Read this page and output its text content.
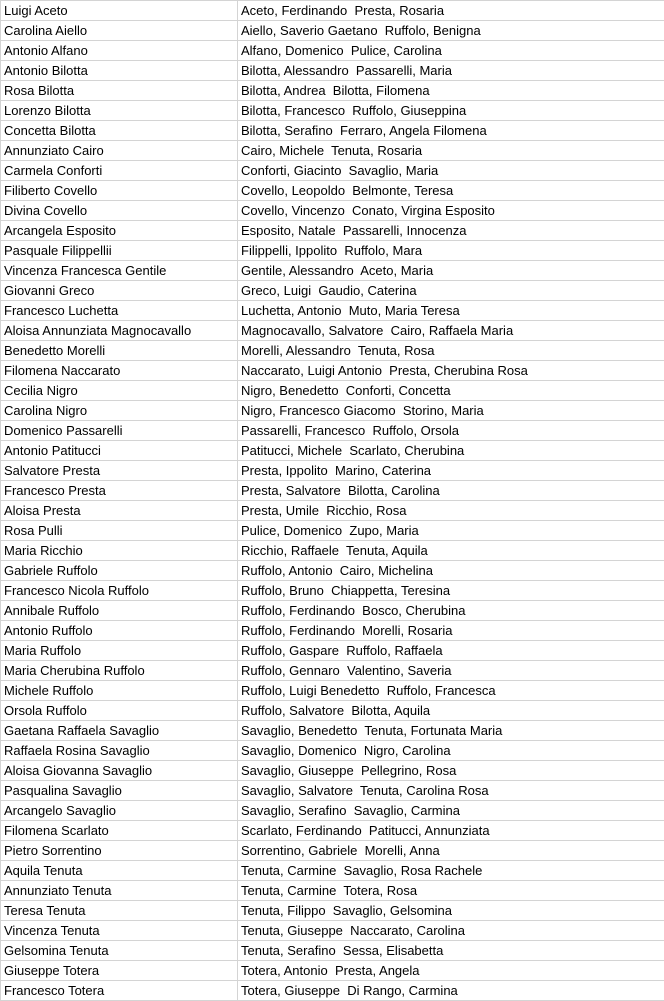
Luigi Aceto	Aceto, Ferdinando  Presta, Rosaria
Carolina Aiello	Aiello, Saverio Gaetano  Ruffolo, Benigna
Antonio Alfano	Alfano, Domenico  Pulice, Carolina
Antonio Bilotta	Bilotta, Alessandro  Passarelli, Maria
Rosa Bilotta	Bilotta, Andrea  Bilotta, Filomena
Lorenzo Bilotta	Bilotta, Francesco  Ruffolo, Giuseppina
Concetta Bilotta	Bilotta, Serafino  Ferraro, Angela Filomena
Annunziato Cairo	Cairo, Michele  Tenuta, Rosaria
Carmela Conforti	Conforti, Giacinto  Savaglio, Maria
Filiberto Covello	Covello, Leopoldo  Belmonte, Teresa
Divina Covello	Covello, Vincenzo  Conato, Virgina Esposito
Arcangela Esposito	Esposito, Natale  Passarelli, Innocenza
Pasquale Filippellii	Filippelli, Ippolito  Ruffolo, Mara
Vincenza Francesca Gentile	Gentile, Alessandro  Aceto, Maria
Giovanni Greco	Greco, Luigi  Gaudio, Caterina
Francesco Luchetta	Luchetta, Antonio  Muto, Maria Teresa
Aloisa Annunziata Magnocavallo	Magnocavallo, Salvatore  Cairo, Raffaela Maria
Benedetto Morelli	Morelli, Alessandro  Tenuta, Rosa
Filomena Naccarato	Naccarato, Luigi Antonio  Presta, Cherubina Rosa
Cecilia Nigro	Nigro, Benedetto  Conforti, Concetta
Carolina Nigro	Nigro, Francesco Giacomo  Storino, Maria
Domenico Passarelli	Passarelli, Francesco  Ruffolo, Orsola
Antonio Patitucci	Patitucci, Michele  Scarlato, Cherubina
Salvatore Presta	Presta, Ippolito  Marino, Caterina
Francesco Presta	Presta, Salvatore  Bilotta, Carolina
Aloisa Presta	Presta, Umile  Ricchio, Rosa
Rosa Pulli	Pulice, Domenico  Zupo, Maria
Maria Ricchio	Ricchio, Raffaele  Tenuta, Aquila
Gabriele Ruffolo	Ruffolo, Antonio  Cairo, Michelina
Francesco Nicola Ruffolo	Ruffolo, Bruno  Chiappetta, Teresina
Annibale Ruffolo	Ruffolo, Ferdinando  Bosco, Cherubina
Antonio Ruffolo	Ruffolo, Ferdinando  Morelli, Rosaria
Maria Ruffolo	Ruffolo, Gaspare  Ruffolo, Raffaela
Maria Cherubina Ruffolo	Ruffolo, Gennaro  Valentino, Saveria
Michele Ruffolo	Ruffolo, Luigi Benedetto  Ruffolo, Francesca
Orsola Ruffolo	Ruffolo, Salvatore  Bilotta, Aquila
Gaetana Raffaela Savaglio	Savaglio, Benedetto  Tenuta, Fortunata Maria
Raffaela Rosina Savaglio	Savaglio, Domenico  Nigro, Carolina
Aloisa Giovanna Savaglio	Savaglio, Giuseppe  Pellegrino, Rosa
Pasqualina Savaglio	Savaglio, Salvatore  Tenuta, Carolina Rosa
Arcangelo Savaglio	Savaglio, Serafino  Savaglio, Carmina
Filomena Scarlato	Scarlato, Ferdinando  Patitucci, Annunziata
Pietro Sorrentino	Sorrentino, Gabriele  Morelli, Anna
Aquila Tenuta	Tenuta, Carmine  Savaglio, Rosa Rachele
Annunziato Tenuta	Tenuta, Carmine  Totera, Rosa
Teresa Tenuta	Tenuta, Filippo  Savaglio, Gelsomina
Vincenza Tenuta	Tenuta, Giuseppe  Naccarato, Carolina
Gelsomina Tenuta	Tenuta, Serafino  Sessa, Elisabetta
Giuseppe Totera	Totera, Antonio  Presta, Angela
Francesco Totera	Totera, Giuseppe  Di Rango, Carmina
